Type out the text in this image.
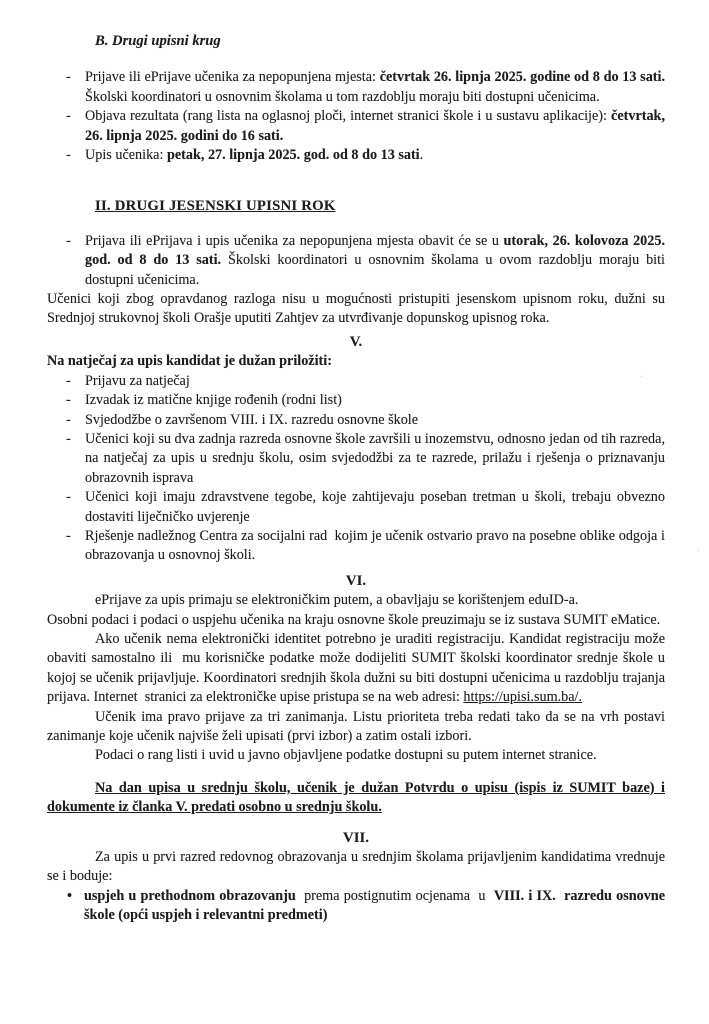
·
·
B. Drugi upisni krug
-	Prijave ili ePrijave učenika za nepopunjena mjesta: četvrtak 26. lipnja 2025. godine od 8 do 13 sati. Školski koordinatori u osnovnim školama u tom razdoblju moraju biti dostupni učenicima.
-	Objava rezultata (rang lista na oglasnoj ploči, internet stranici škole i u sustavu aplikacije): četvrtak, 26. lipnja 2025. godini do 16 sati.
-	Upis učenika: petak, 27. lipnja 2025. god. od 8 do 13 sati.
II. DRUGI JESENSKI UPISNI ROK
-	Prijava ili ePrijava i upis učenika za nepopunjena mjesta obavit će se u utorak, 26. kolovoza 2025. god. od 8 do 13 sati. Školski koordinatori u osnovnim školama u ovom razdoblju moraju biti dostupni učenicima.

Učenici koji zbog opravdanog razloga nisu u mogućnosti pristupiti jesenskom upisnom roku, dužni su Srednjoj strukovnoj školi Orašje uputiti Zahtjev za utvrđivanje dopunskog upisnog roka.

V.

Na natječaj za upis kandidat je dužan priložiti:

-	Prijavu za natječaj
-	Izvadak iz matične knjige rođenih (rodni list)
-	Svjedodžbe o završenom VIII. i IX. razredu osnovne škole
-	Učenici koji su dva zadnja razreda osnovne škole završili u inozemstvu, odnosno jedan od tih razreda, na natječaj za upis u srednju školu, osim svjedodžbi za te razrede, prilažu i rješenja o priznavanju obrazovnih isprava
-	Učenici koji imaju zdravstvene tegobe, koje zahtijevaju poseban tretman u školi, trebaju obvezno dostaviti liječničko uvjerenje
-	Rješenje nadležnog Centra za socijalni rad  kojim je učenik ostvario pravo na posebne oblike odgoja i obrazovanja u osnovnoj školi.

VI.

ePrijave za upis primaju se elektroničkim putem, a obavljaju se korištenjem eduID-a.

Osobni podaci i podaci o uspjehu učenika na kraju osnovne škole preuzimaju se iz sustava SUMIT eMatice.

Ako učenik nema elektronički identitet potrebno je uraditi registraciju. Kandidat registraciju može obaviti samostalno ili  mu korisničke podatke može dodijeliti SUMIT školski koordinator srednje škole u kojoj se učenik prijavljuje. Koordinatori srednjih škola dužni su biti dostupni učenicima u razdoblju trajanja prijava. Internet  stranici za elektroničke upise pristupa se na web adresi: https://upisi.sum.ba/.

Učenik ima pravo prijave za tri zanimanja. Listu prioriteta treba redati tako da se na vrh postavi zanimanje koje učenik najviše želi upisati (prvi izbor) a zatim ostali izbori.

Podaci o rang listi i uvid u javno objavljene podatke dostupni su putem internet stranice.

Na dan upisa u srednju školu, učenik je dužan Potvrdu o upisu (ispis iz SUMIT baze) i dokumente iz članka V. predati osobno u srednju školu.

VII.

Za upis u prvi razred redovnog obrazovanja u srednjim školama prijavljenim kandidatima vrednuje se i boduje:

• uspjeh u prethodnom obrazovanju  prema postignutim ocjenama  u  VIII. i IX.  razredu osnovne škole (opći uspjeh i relevantni predmeti)
